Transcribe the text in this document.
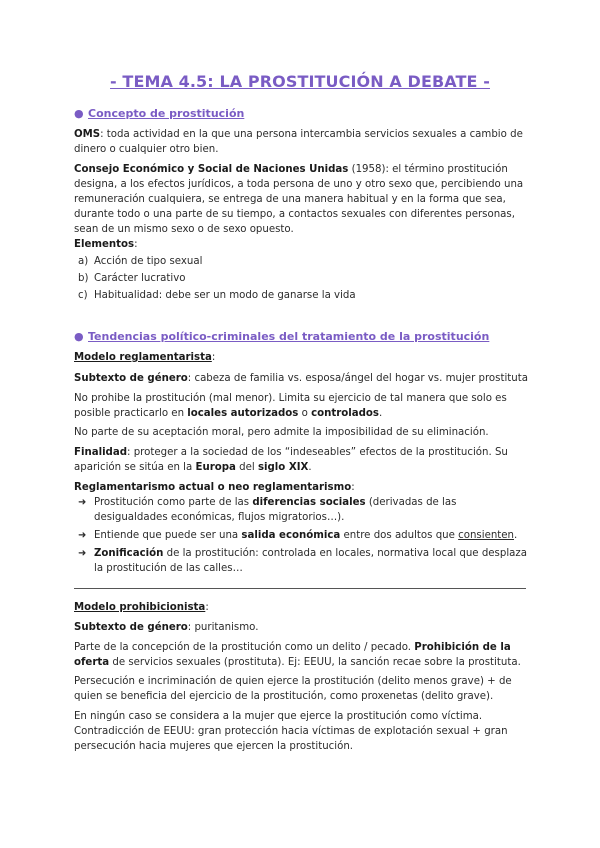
- TEMA 4.5: LA PROSTITUCIÓN A DEBATE -
● Concepto de prostitución
OMS: toda actividad en la que una persona intercambia servicios sexuales a cambio de dinero o cualquier otro bien.
Consejo Económico y Social de Naciones Unidas (1958): el término prostitución designa, a los efectos jurídicos, a toda persona de uno y otro sexo que, percibiendo una remuneración cualquiera, se entrega de una manera habitual y en la forma que sea, durante todo o una parte de su tiempo, a contactos sexuales con diferentes personas, sean de un mismo sexo o de sexo opuesto.
Elementos:
a) Acción de tipo sexual
b) Carácter lucrativo
c) Habitualidad: debe ser un modo de ganarse la vida
● Tendencias político-criminales del tratamiento de la prostitución
Modelo reglamentarista:
Subtexto de género: cabeza de familia vs. esposa/ángel del hogar vs. mujer prostituta
No prohibe la prostitución (mal menor). Limita su ejercicio de tal manera que solo es posible practicarlo en locales autorizados o controlados.
No parte de su aceptación moral, pero admite la imposibilidad de su eliminación.
Finalidad: proteger a la sociedad de los “indeseables” efectos de la prostitución. Su aparición se sitúa en la Europa del siglo XIX.
Reglamentarismo actual o neo reglamentarismo:
➜ Prostitución como parte de las diferencias sociales (derivadas de las desigualdades económicas, flujos migratorios…).
➜ Entiende que puede ser una salida económica entre dos adultos que consienten.
➜ Zonificación de la prostitución: controlada en locales, normativa local que desplaza la prostitución de las calles…
Modelo prohibicionista:
Subtexto de género: puritanismo.
Parte de la concepción de la prostitución como un delito / pecado. Prohibición de la oferta de servicios sexuales (prostituta). Ej: EEUU, la sanción recae sobre la prostituta.
Persecución e incriminación de quien ejerce la prostitución (delito menos grave) + de quien se beneficia del ejercicio de la prostitución, como proxenetas (delito grave).
En ningún caso se considera a la mujer que ejerce la prostitución como víctima. Contradicción de EEUU: gran protección hacia víctimas de explotación sexual + gran persecución hacia mujeres que ejercen la prostitución.
